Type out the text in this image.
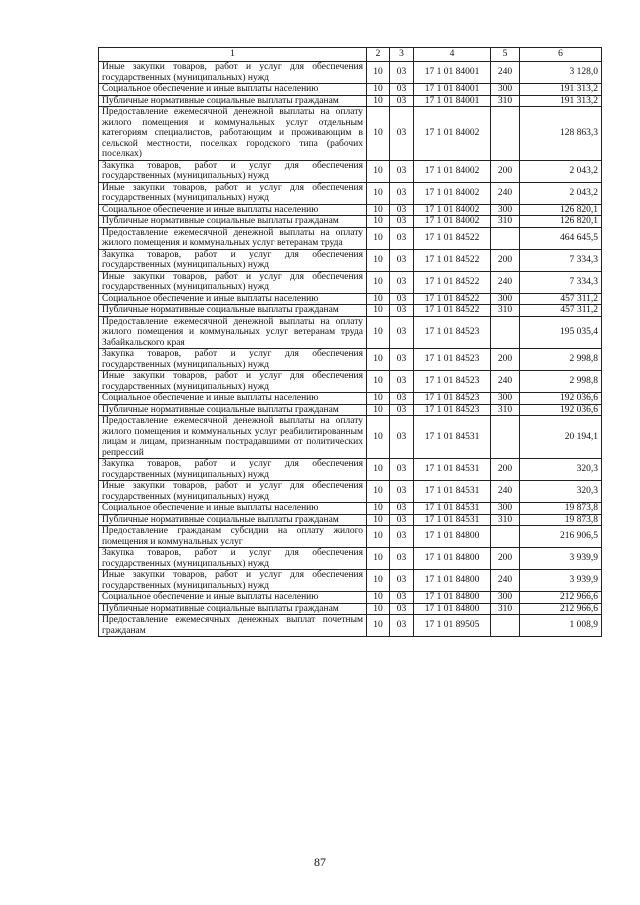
1	2	3	4	5	6
Иные закупки товаров, работ и услуг для обеспечения государственных (муниципальных) нужд	10	03	17 1 01 84001	240	3 128,0
Социальное обеспечение и иные выплаты населению	10	03	17 1 01 84001	300	191 313,2
Публичные нормативные социальные выплаты гражданам	10	03	17 1 01 84001	310	191 313,2
Предоставление ежемесячной денежной выплаты на оплату жилого помещения и коммунальных услуг отдельным категориям специалистов, работающим и проживающим в сельской местности, поселках городского типа (рабочих поселках)	10	03	17 1 01 84002		128 863,3
Закупка товаров, работ и услуг для обеспечения государственных (муниципальных) нужд	10	03	17 1 01 84002	200	2 043,2
Иные закупки товаров, работ и услуг для обеспечения государственных (муниципальных) нужд	10	03	17 1 01 84002	240	2 043,2
Социальное обеспечение и иные выплаты населению	10	03	17 1 01 84002	300	126 820,1
Публичные нормативные социальные выплаты гражданам	10	03	17 1 01 84002	310	126 820,1
Предоставление ежемесячной денежной выплаты на оплату жилого помещения и коммунальных услуг ветеранам труда	10	03	17 1 01 84522		464 645,5
Закупка товаров, работ и услуг для обеспечения государственных (муниципальных) нужд	10	03	17 1 01 84522	200	7 334,3
Иные закупки товаров, работ и услуг для обеспечения государственных (муниципальных) нужд	10	03	17 1 01 84522	240	7 334,3
Социальное обеспечение и иные выплаты населению	10	03	17 1 01 84522	300	457 311,2
Публичные нормативные социальные выплаты гражданам	10	03	17 1 01 84522	310	457 311,2
Предоставление ежемесячной денежной выплаты на оплату жилого помещения и коммунальных услуг ветеранам труда Забайкальского края	10	03	17 1 01 84523		195 035,4
Закупка товаров, работ и услуг для обеспечения государственных (муниципальных) нужд	10	03	17 1 01 84523	200	2 998,8
Иные закупки товаров, работ и услуг для обеспечения государственных (муниципальных) нужд	10	03	17 1 01 84523	240	2 998,8
Социальное обеспечение и иные выплаты населению	10	03	17 1 01 84523	300	192 036,6
Публичные нормативные социальные выплаты гражданам	10	03	17 1 01 84523	310	192 036,6
Предоставление ежемесячной денежной выплаты на оплату жилого помещения и коммунальных услуг реабилитированным лицам и лицам, признанным пострадавшими от политических репрессий	10	03	17 1 01 84531		20 194,1
Закупка товаров, работ и услуг для обеспечения государственных (муниципальных) нужд	10	03	17 1 01 84531	200	320,3
Иные закупки товаров, работ и услуг для обеспечения государственных (муниципальных) нужд	10	03	17 1 01 84531	240	320,3
Социальное обеспечение и иные выплаты населению	10	03	17 1 01 84531	300	19 873,8
Публичные нормативные социальные выплаты гражданам	10	03	17 1 01 84531	310	19 873,8
Предоставление гражданам субсидии на оплату жилого помещения и коммунальных услуг	10	03	17 1 01 84800		216 906,5
Закупка товаров, работ и услуг для обеспечения государственных (муниципальных) нужд	10	03	17 1 01 84800	200	3 939,9
Иные закупки товаров, работ и услуг для обеспечения государственных (муниципальных) нужд	10	03	17 1 01 84800	240	3 939,9
Социальное обеспечение и иные выплаты населению	10	03	17 1 01 84800	300	212 966,6
Публичные нормативные социальные выплаты гражданам	10	03	17 1 01 84800	310	212 966,6
Предоставление ежемесячных денежных выплат почетным гражданам	10	03	17 1 01 89505		1 008,9
87
